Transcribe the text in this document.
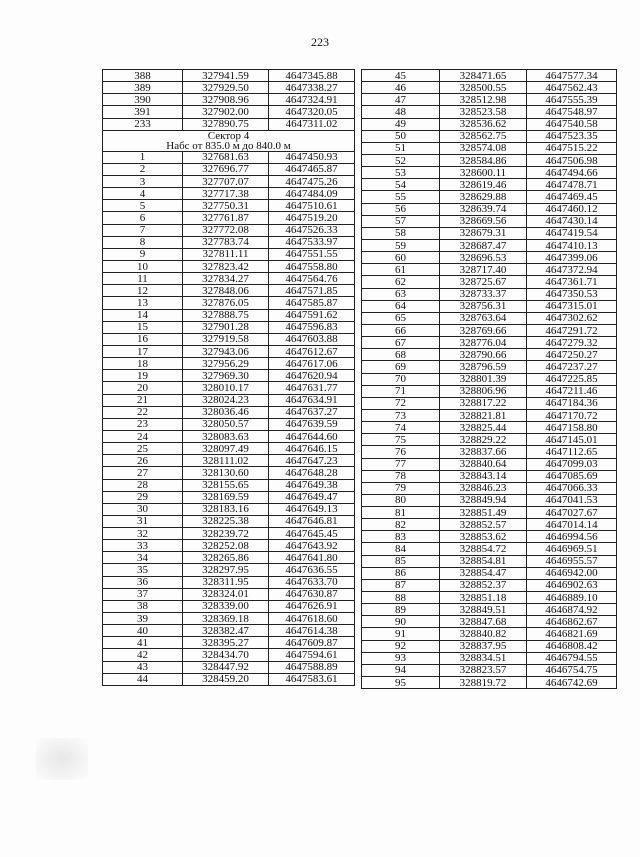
223
388	327941.59	4647345.88
389	327929.50	4647338.27
390	327908.96	4647324.91
391	327902.00	4647320.05
233	327890.75	4647311.02

Сектор 4
Набс от 835.0 м до 840.0 м		

1	327681.63	4647450.93
2	327696.77	4647465.87
3	327707.07	4647475.26
4	327717.38	4647484.09
5	327750.31	4647510.61
6	327761.87	4647519.20
7	327772.08	4647526.33
8	327783.74	4647533.97
9	327811.11	4647551.55
10	327823.42	4647558.80
11	327834.27	4647564.76
12	327848.06	4647571.85
13	327876.05	4647585.87
14	327888.75	4647591.62
15	327901.28	4647596.83
16	327919.58	4647603.88
17	327943.06	4647612.67
18	327956.29	4647617.06
19	327969.30	4647620.94
20	328010.17	4647631.77
21	328024.23	4647634.91
22	328036.46	4647637.27
23	328050.57	4647639.59
24	328083.63	4647644.60
25	328097.49	4647646.15
26	328111.02	4647647.23
27	328130.60	4647648.28
28	328155.65	4647649.38
29	328169.59	4647649.47
30	328183.16	4647649.13
31	328225.38	4647646.81
32	328239.72	4647645.45
33	328252.08	4647643.92
34	328265.86	4647641.80
35	328297.95	4647636.55
36	328311.95	4647633.70
37	328324.01	4647630.87
38	328339.00	4647626.91
39	328369.18	4647618.60
40	328382.47	4647614.38
41	328395.27	4647609.87
42	328434.70	4647594.61
43	328447.92	4647588.89
44	328459.20	4647583.61
45	328471.65	4647577.34
46	328500.55	4647562.43
47	328512.98	4647555.39
48	328523.58	4647548.97
49	328536.62	4647540.58
50	328562.75	4647523.35
51	328574.08	4647515.22
52	328584.86	4647506.98
53	328600.11	4647494.66
54	328619.46	4647478.71
55	328629.88	4647469.45
56	328639.74	4647460.12
57	328669.56	4647430.14
58	328679.31	4647419.54
59	328687.47	4647410.13
60	328696.53	4647399.06
61	328717.40	4647372.94
62	328725.67	4647361.71
63	328733.37	4647350.53
64	328756.31	4647315.01
65	328763.64	4647302.62
66	328769.66	4647291.72
67	328776.04	4647279.32
68	328790.66	4647250.27
69	328796.59	4647237.27
70	328801.39	4647225.85
71	328806.96	4647211.46
72	328817.22	4647184.36
73	328821.81	4647170.72
74	328825.44	4647158.80
75	328829.22	4647145.01
76	328837.66	4647112.65
77	328840.64	4647099.03
78	328843.14	4647085.69
79	328846.23	4647066.33
80	328849.94	4647041.53
81	328851.49	4647027.67
82	328852.57	4647014.14
83	328853.62	4646994.56
84	328854.72	4646969.51
85	328854.81	4646955.57
86	328854.47	4646942.00
87	328852.37	4646902.63
88	328851.18	4646889.10
89	328849.51	4646874.92
90	328847.68	4646862.67
91	328840.82	4646821.69
92	328837.95	4646808.42
93	328834.51	4646794.55
94	328823.57	4646754.75
95	328819.72	4646742.69
